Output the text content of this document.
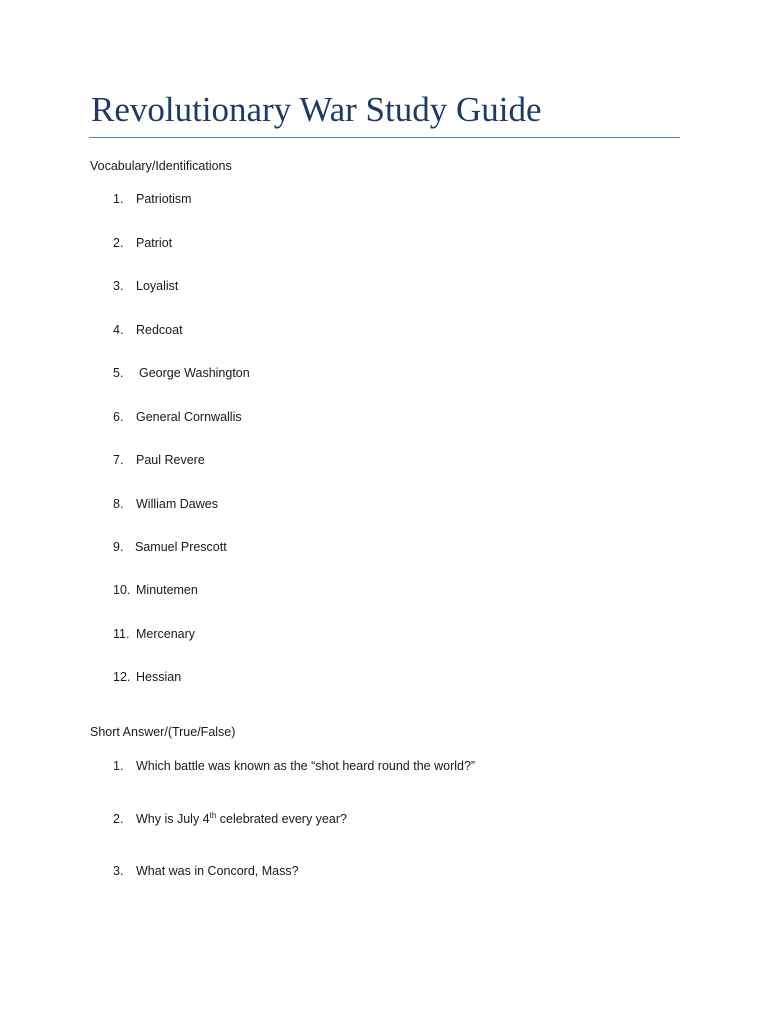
Revolutionary War Study Guide
Vocabulary/Identifications
1. Patriotism
2. Patriot
3. Loyalist
4. Redcoat
5. George Washington
6. General Cornwallis
7. Paul Revere
8. William Dawes
9. Samuel Prescott
10. Minutemen
11. Mercenary
12. Hessian
Short Answer/(True/False)
1. Which battle was known as the “shot heard round the world?”
2. Why is July 4th celebrated every year?
3. What was in Concord, Mass?
